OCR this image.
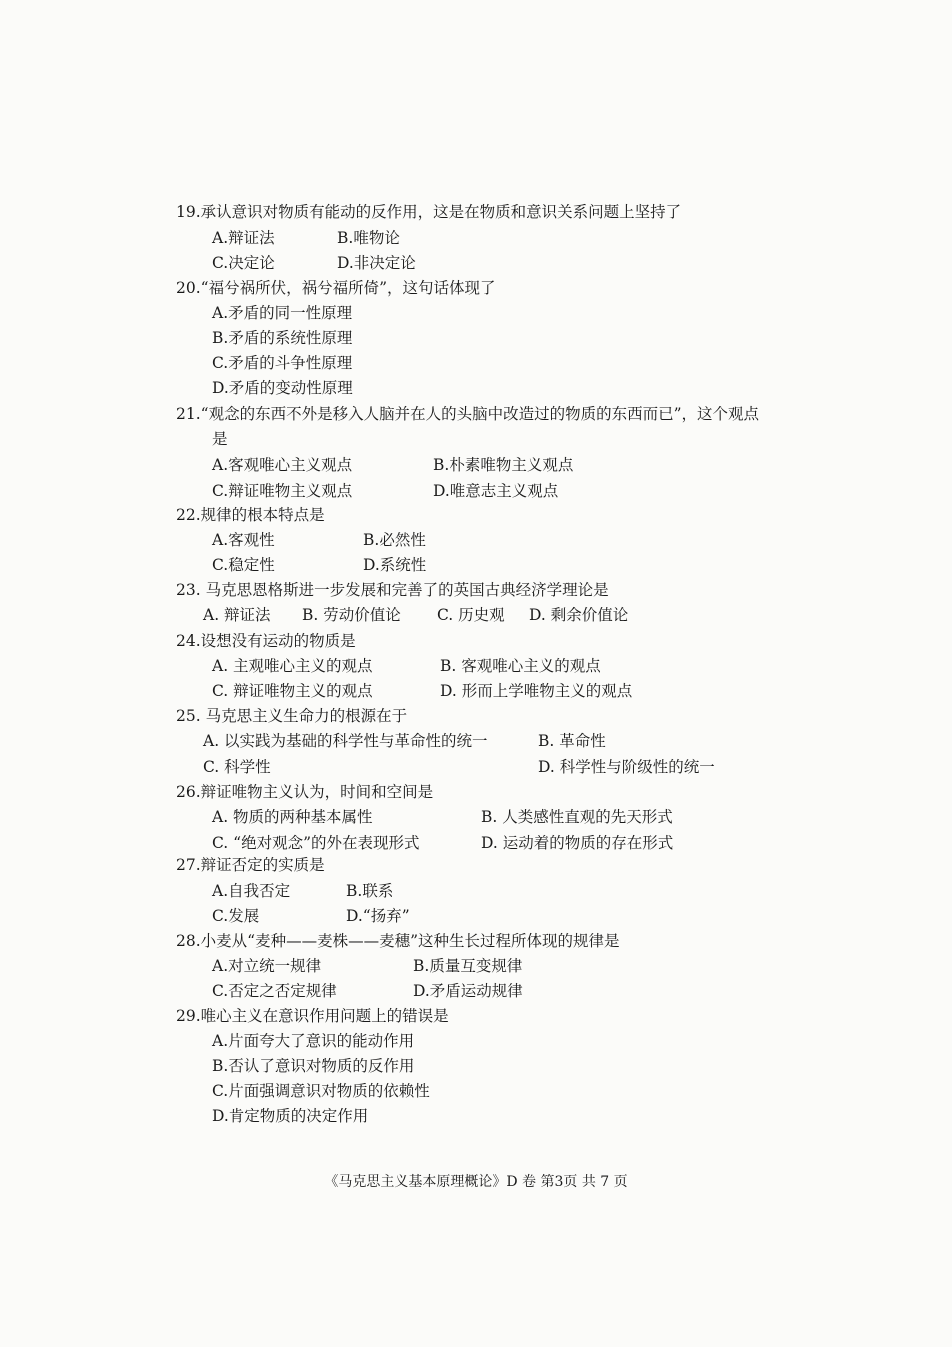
19.承认意识对物质有能动的反作用，这是在物质和意识关系问题上坚持了
A.辩证法	B.唯物论
C.决定论	D.非决定论
20.“福兮祸所伏，祸兮福所倚”，这句话体现了
A.矛盾的同一性原理
B.矛盾的系统性原理
C.矛盾的斗争性原理
D.矛盾的变动性原理
21.“观念的东西不外是移入人脑并在人的头脑中改造过的物质的东西而已”，这个观点
是
A.客观唯心主义观点	B.朴素唯物主义观点
C.辩证唯物主义观点	D.唯意志主义观点
22.规律的根本特点是
A.客观性	B.必然性
C.稳定性	D.系统性
23. 马克思恩格斯进一步发展和完善了的英国古典经济学理论是
A. 辩证法 B. 劳动价值论 C. 历史观 D. 剩余价值论
24.设想没有运动的物质是
A. 主观唯心主义的观点	B. 客观唯心主义的观点
C. 辩证唯物主义的观点	D. 形而上学唯物主义的观点
25. 马克思主义生命力的根源在于
A. 以实践为基础的科学性与革命性的统一	B. 革命性
C. 科学性	D. 科学性与阶级性的统一
26.辩证唯物主义认为，时间和空间是
A. 物质的两种基本属性	B. 人类感性直观的先天形式
C. “绝对观念”的外在表现形式	D. 运动着的物质的存在形式
27.辩证否定的实质是
A.自我否定	B.联系
C.发展	D.“扬弃”
28.小麦从“麦种——麦株——麦穗”这种生长过程所体现的规律是
A.对立统一规律	B.质量互变规律
C.否定之否定规律	D.矛盾运动规律
29.唯心主义在意识作用问题上的错误是
A.片面夸大了意识的能动作用
B.否认了意识对物质的反作用
C.片面强调意识对物质的依赖性
D.肯定物质的决定作用
《马克思主义基本原理概论》D 卷 第3页 共 7 页
